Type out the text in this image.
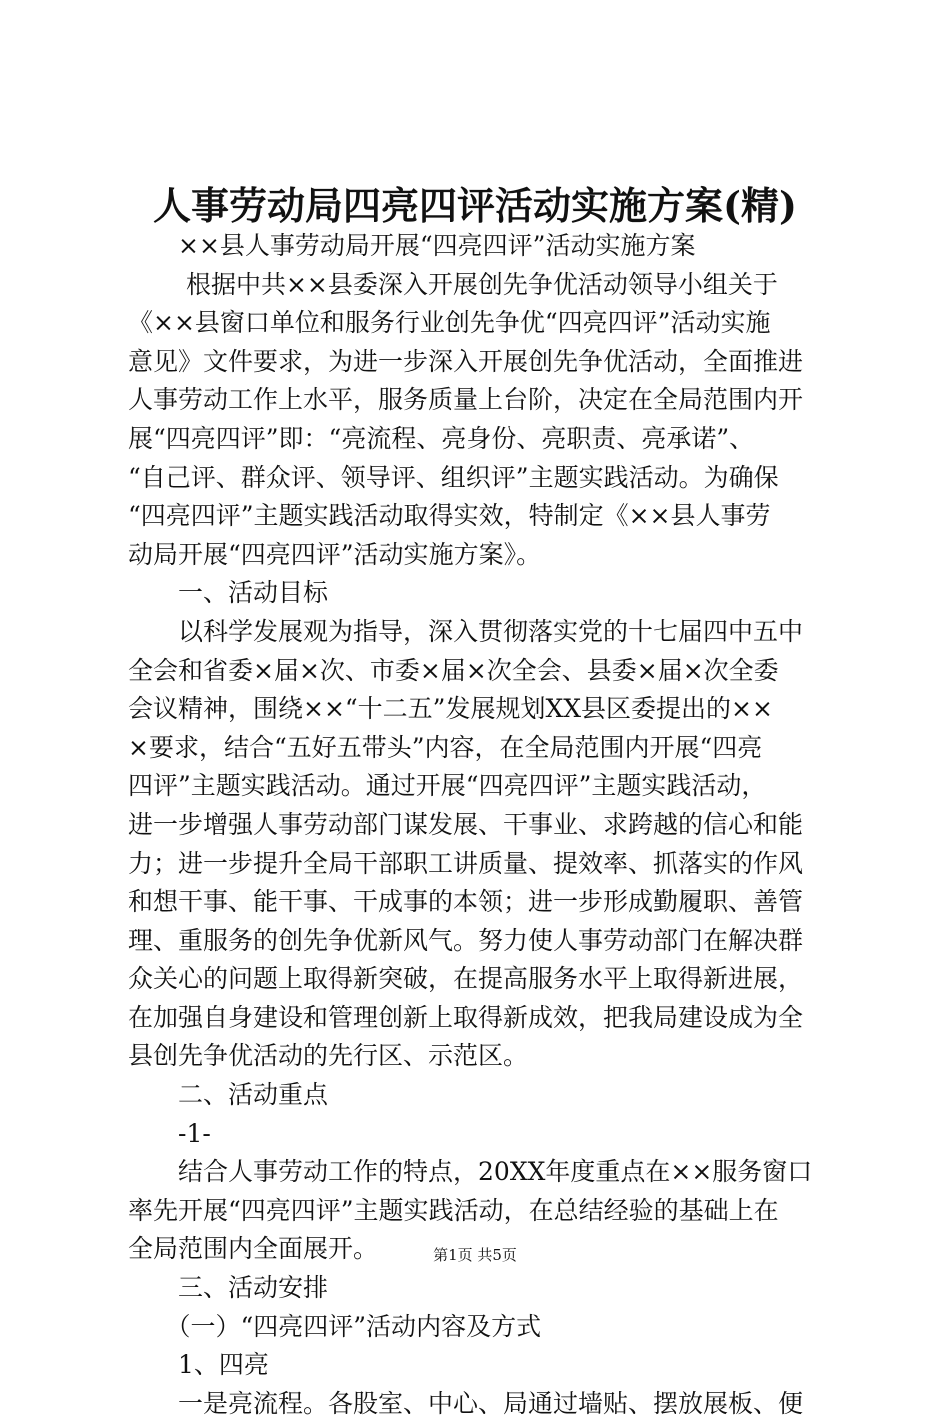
人事劳动局四亮四评活动实施方案(精)
　　××县人事劳动局开展“四亮四评”活动实施方案
　　 根据中共××县委深入开展创先争优活动领导小组关于
《××县窗口单位和服务行业创先争优“四亮四评”活动实施
意见》文件要求，为进一步深入开展创先争优活动，全面推进
人事劳动工作上水平，服务质量上台阶，决定在全局范围内开
展“四亮四评”即：“亮流程、亮身份、亮职责、亮承诺”、
“自己评、群众评、领导评、组织评”主题实践活动。为确保
“四亮四评”主题实践活动取得实效，特制定《××县人事劳
动局开展“四亮四评”活动实施方案》。
　　一、活动目标
　　以科学发展观为指导，深入贯彻落实党的十七届四中五中
全会和省委×届×次、市委×届×次全会、县委×届×次全委
会议精神，围绕××“十二五”发展规划XX县区委提出的××
×要求，结合“五好五带头”内容，在全局范围内开展“四亮
四评”主题实践活动。通过开展“四亮四评”主题实践活动，
进一步增强人事劳动部门谋发展、干事业、求跨越的信心和能
力；进一步提升全局干部职工讲质量、提效率、抓落实的作风
和想干事、能干事、干成事的本领；进一步形成勤履职、善管
理、重服务的创先争优新风气。努力使人事劳动部门在解决群
众关心的问题上取得新突破，在提高服务水平上取得新进展，
在加强自身建设和管理创新上取得新成效，把我局建设成为全
县创先争优活动的先行区、示范区。
　　二、活动重点
　　-1-
　　结合人事劳动工作的特点，20XX年度重点在××服务窗口
率先开展“四亮四评”主题实践活动，在总结经验的基础上在
全局范围内全面展开。
　　三、活动安排
　　（一）“四亮四评”活动内容及方式
　　1、四亮
　　一是亮流程。各股室、中心、局通过墙贴、摆放展板、便
第1页 共5页
